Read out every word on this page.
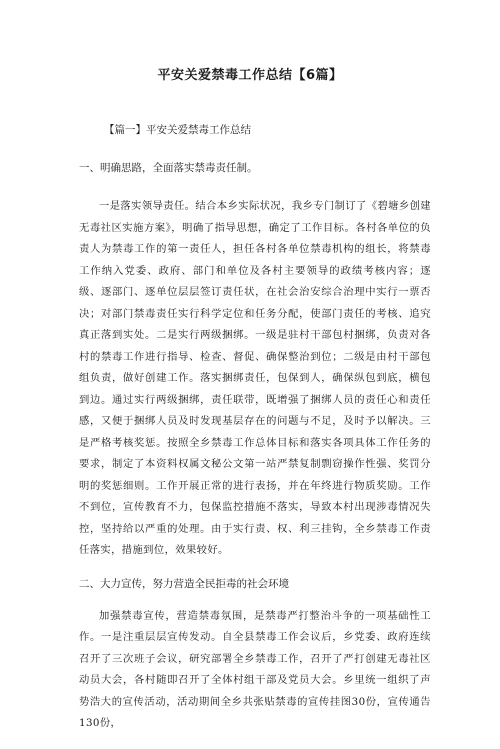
平安关爱禁毒工作总结【6篇】

【篇一】平安关爱禁毒工作总结

一、明确思路，全面落实禁毒责任制。

一是落实领导责任。结合本乡实际状况，我乡专门制订了《碧塘乡创建无毒社区实施方案》，明确了指导思想，确定了工作目标。各村各单位的负责人为禁毒工作的第一责任人，担任各村各单位禁毒机构的组长，将禁毒工作纳入党委、政府、部门和单位及各村主要领导的政绩考核内容；逐级、逐部门、逐单位层层签订责任状，在社会治安综合治理中实行一票否决；对部门禁毒责任实行科学定位和任务分配，使部门责任的考核、追究真正落到实处。二是实行两级捆绑。一级是驻村干部包村捆绑，负责对各村的禁毒工作进行指导、检查、督促、确保整治到位；二级是由村干部包组负责，做好创建工作。落实捆绑责任，包保到人，确保纵包到底，横包到边。通过实行两级捆绑，责任联带，既增强了捆绑人员的责任心和责任感，又便于捆绑人员及时发现基层存在的问题与不足，及时予以解决。三是严格考核奖惩。按照全乡禁毒工作总体目标和落实各项具体工作任务的要求，制定了本资料权属文秘公文第一站严禁复制剽窃操作性强、奖罚分明的奖惩细则。工作开展正常的进行表扬，并在年终进行物质奖励。工作不到位，宣传教育不力，包保监控措施不落实，导致本村出现涉毒情况失控，坚持给以严重的处理。由于实行责、权、利三挂钩，全乡禁毒工作责任落实，措施到位，效果较好。

二、大力宣传，努力营造全民拒毒的社会环境

加强禁毒宣传，营造禁毒氛围，是禁毒严打整治斗争的一项基础性工作。一是注重层层宣传发动。自全县禁毒工作会议后，乡党委、政府连续召开了三次班子会议，研究部署全乡禁毒工作，召开了严打创建无毒社区动员大会，各村随即召开了全体村组干部及党员大会。乡里统一组织了声势浩大的宣传活动，活动期间全乡共张贴禁毒的宣传挂图30份，宣传通告130份，
